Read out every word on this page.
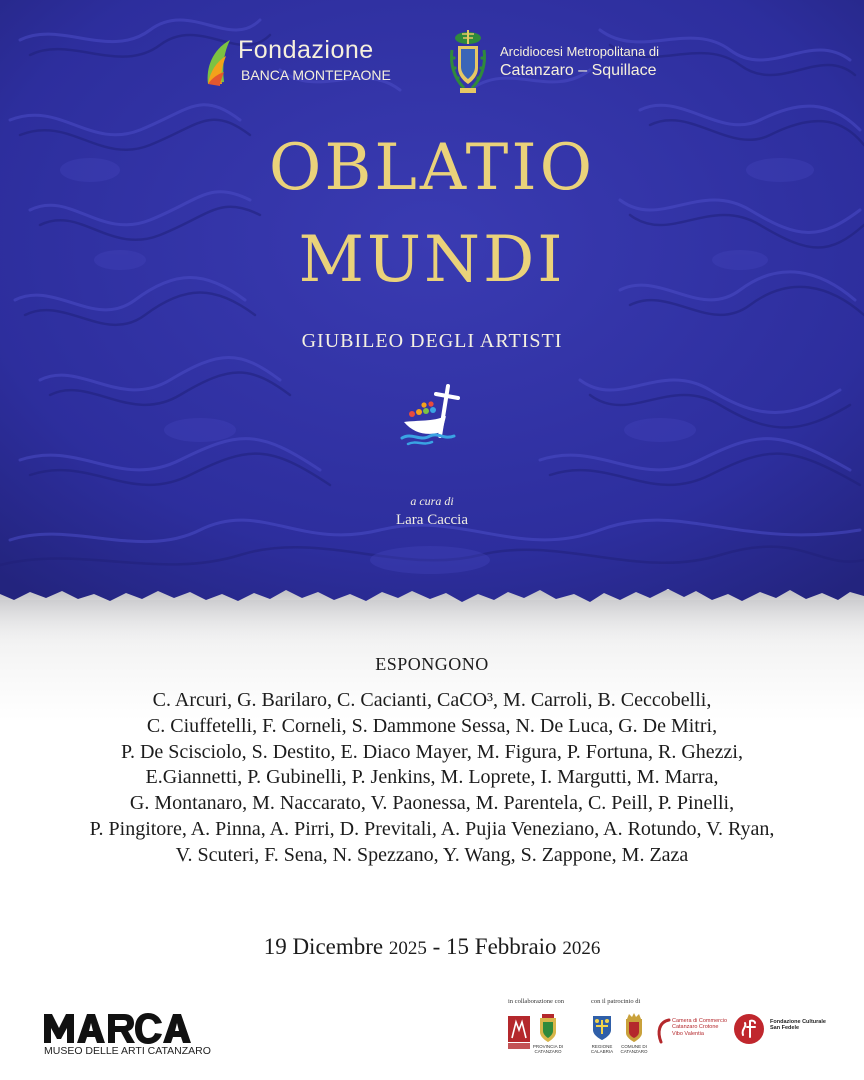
Fondazione
BANCA MONTEPAONE
Arcidiocesi Metropolitana di
Catanzaro – Squillace
OBLATIO
MUNDI
GIUBILEO DEGLI ARTISTI
a cura di
Lara Caccia
ESPONGONO
C. Arcuri, G. Barilaro, C. Cacianti, CaCO³, M. Carroli, B. Ceccobelli,
C. Ciuffetelli, F. Corneli, S. Dammone Sessa, N. De Luca, G. De Mitri,
P. De Scisciolo, S. Destito, E. Diaco Mayer, M. Figura, P. Fortuna, R. Ghezzi,
E.Giannetti, P. Gubinelli, P. Jenkins, M. Loprete, I. Margutti, M. Marra,
G. Montanaro, M. Naccarato, V. Paonessa, M. Parentela, C. Peill, P. Pinelli,
P. Pingitore, A. Pinna, A. Pirri, D. Previtali, A. Pujia Veneziano, A. Rotundo, V. Ryan,
V. Scuteri, F. Sena, N. Spezzano, Y. Wang, S. Zappone, M. Zaza
19 Dicembre 2025 - 15 Febbraio 2026
MUSEO DELLE ARTI CATANZARO
in collaborazione con	con il patrocinio di
PROVINCIA DI CATANZARO
REGIONE CALABRIA
COMUNE DI CATANZARO
Camera di Commercio
Catanzaro Crotone
Vibo Valentia
Fondazione Culturale
San Fedele
